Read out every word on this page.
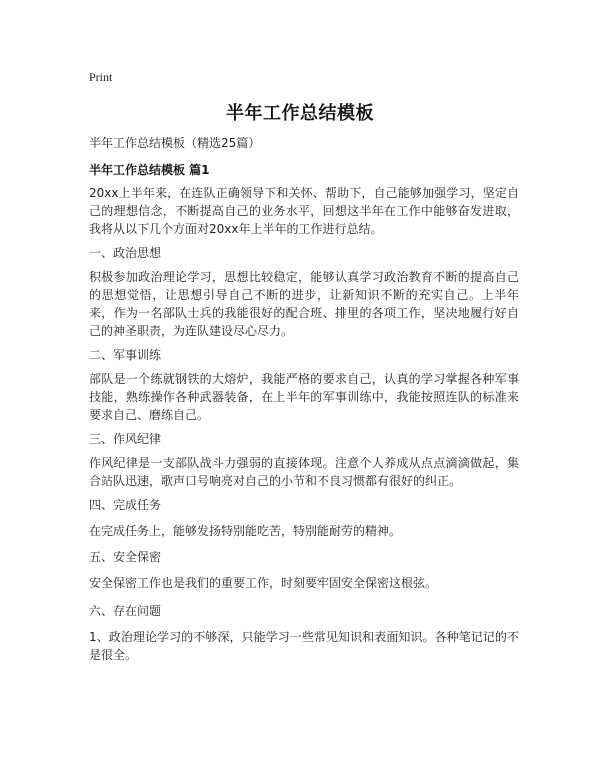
Print
半年工作总结模板
半年工作总结模板（精选25篇）
半年工作总结模板 篇1
20xx上半年来，在连队正确领导下和关怀、帮助下，自己能够加强学习，坚定自己的理想信念，不断提高自己的业务水平，回想这半年在工作中能够奋发进取，我将从以下几个方面对20xx年上半年的工作进行总结。
一、政治思想
积极参加政治理论学习，思想比较稳定，能够认真学习政治教育不断的提高自己的思想觉悟，让思想引导自己不断的进步，让新知识不断的充实自己。上半年来，作为一名部队士兵的我能很好的配合班、排里的各项工作，坚决地履行好自己的神圣职责，为连队建设尽心尽力。
二、军事训练
部队是一个练就钢铁的大熔炉，我能严格的要求自己，认真的学习掌握各种军事技能，熟练操作各种武器装备，在上半年的军事训练中，我能按照连队的标准来要求自己、磨练自己。
三、作风纪律
作风纪律是一支部队战斗力强弱的直接体现。注意个人养成从点点滴滴做起，集合站队迅速，歌声口号响亮对自己的小节和不良习惯都有很好的纠正。
四、完成任务
在完成任务上，能够发扬特别能吃苦，特别能耐劳的精神。
五、安全保密
安全保密工作也是我们的重要工作，时刻要牢固安全保密这根弦。
六、存在问题
1、政治理论学习的不够深，只能学习一些常见知识和表面知识。各种笔记记的不是很全。
